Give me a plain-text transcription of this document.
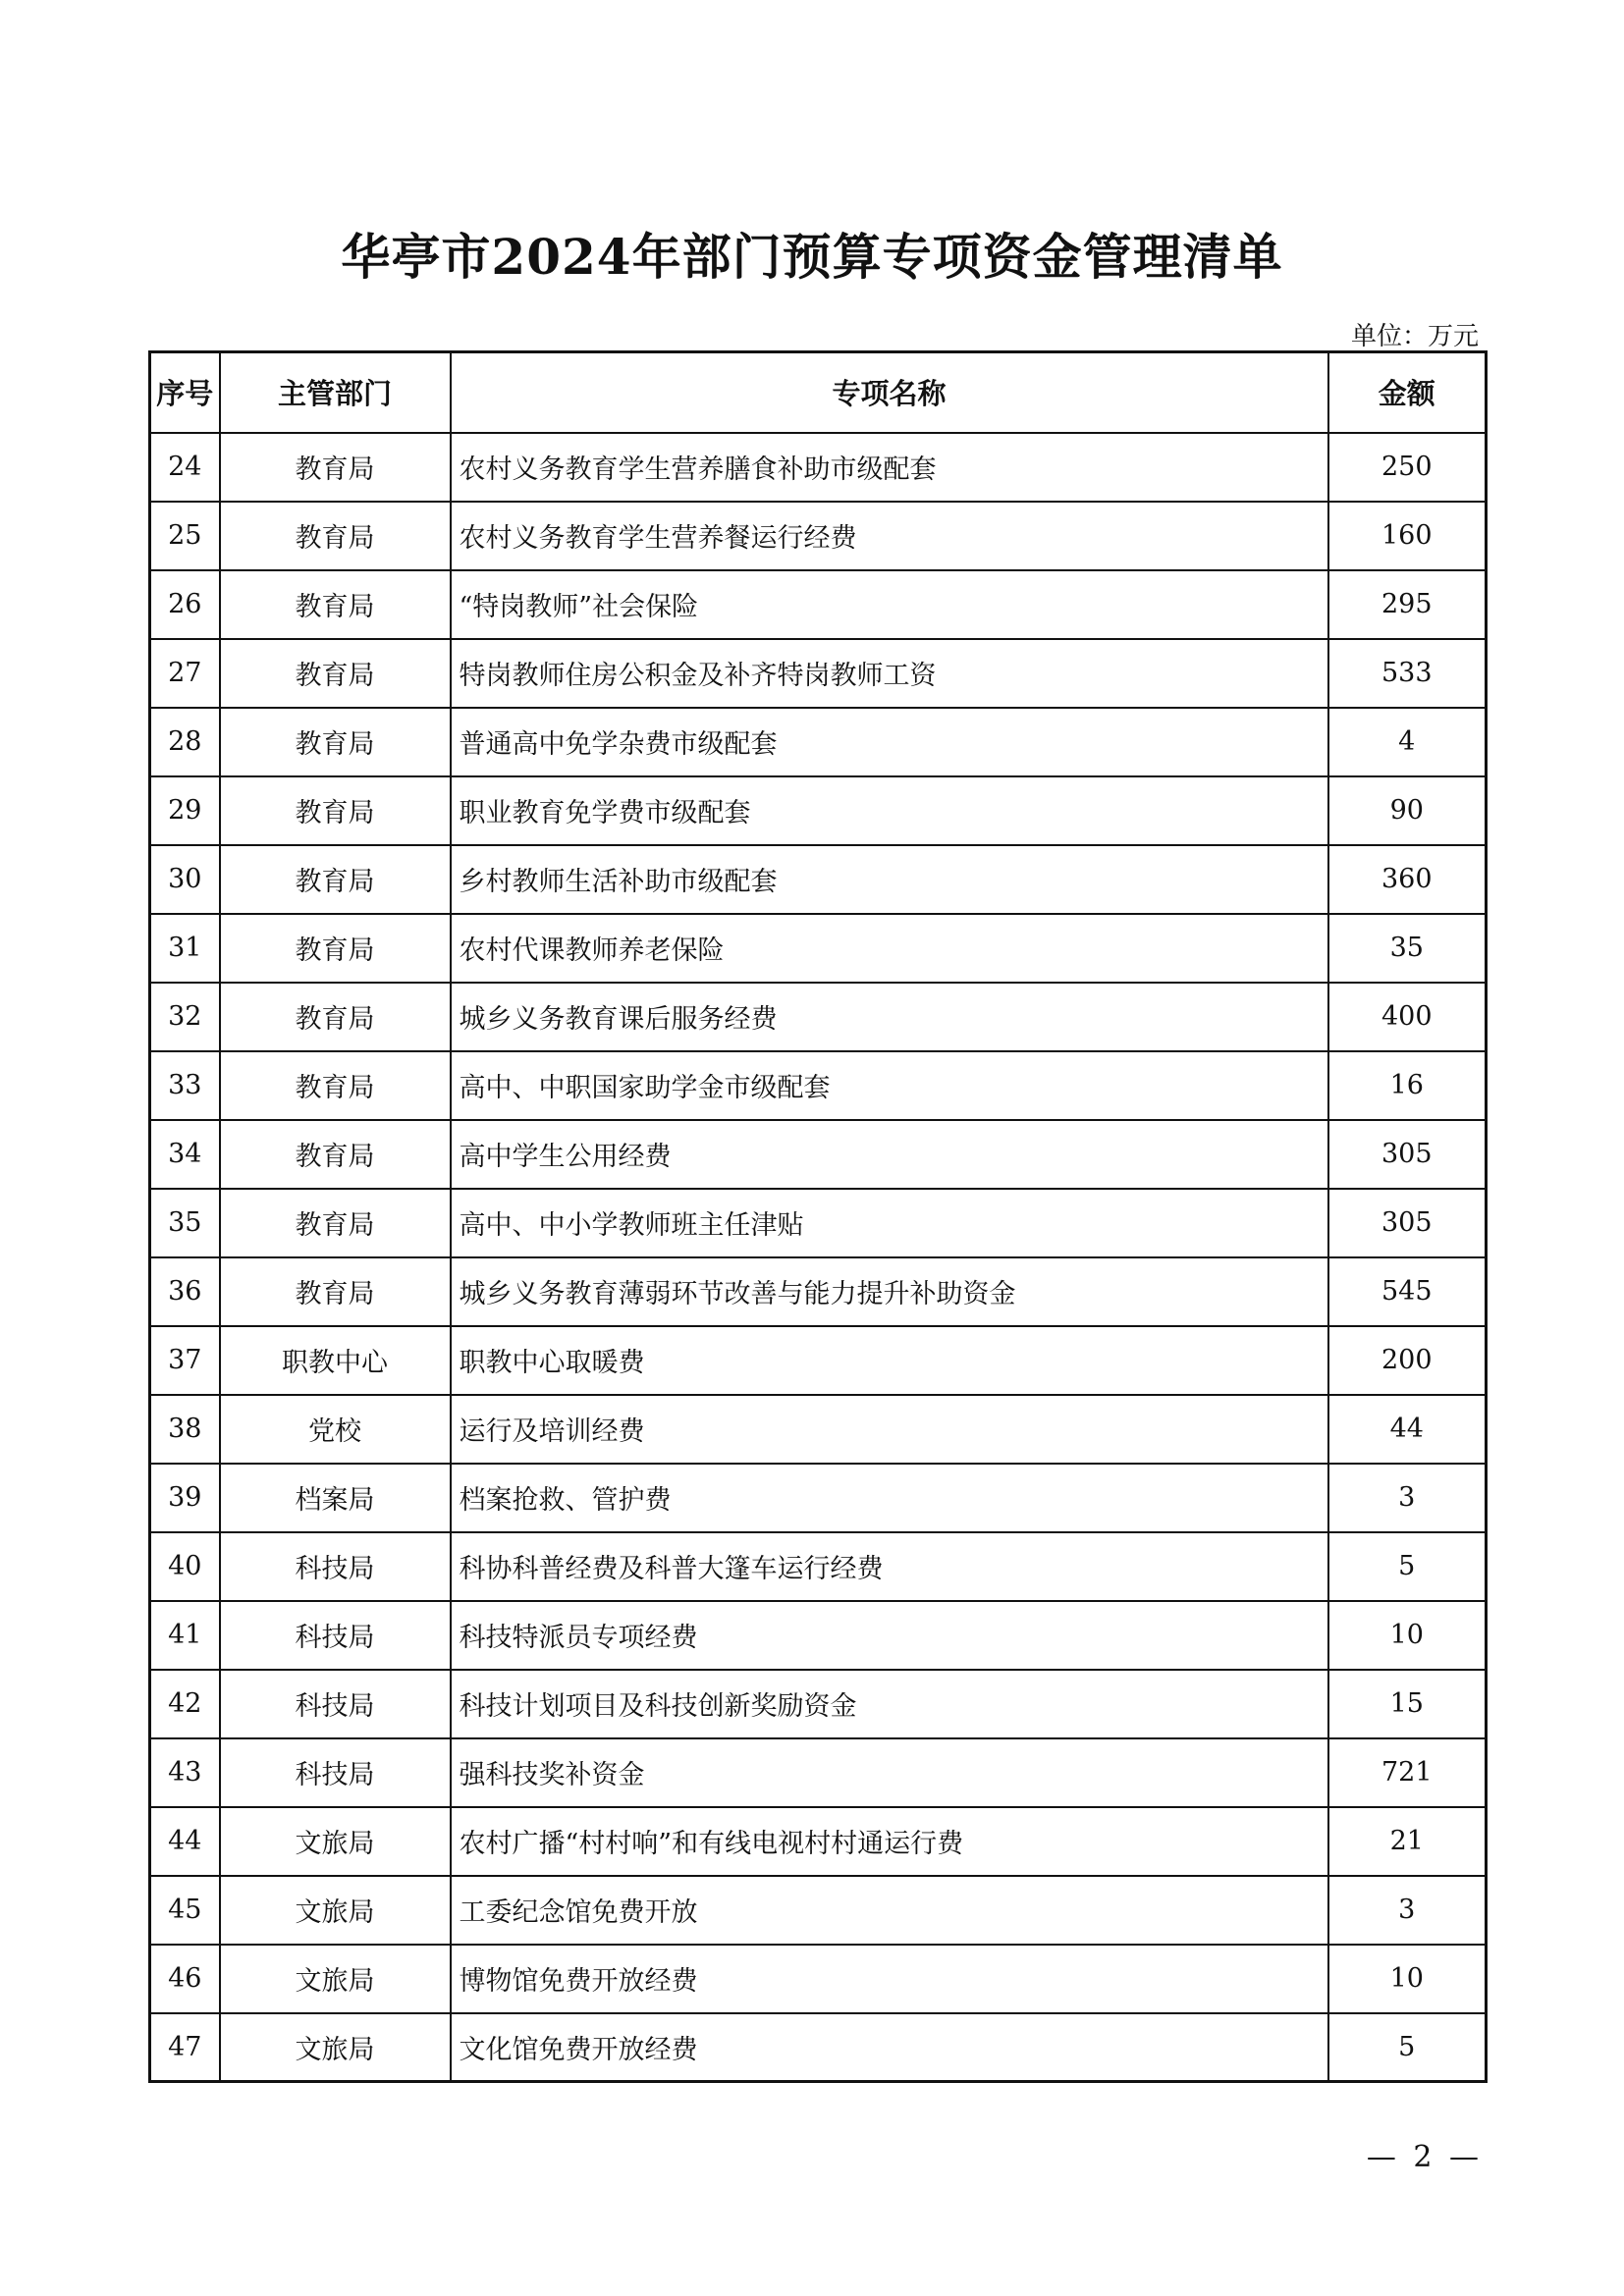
华亭市2024年部门预算专项资金管理清单
单位：万元
序号	主管部门	专项名称	金额
24	教育局	农村义务教育学生营养膳食补助市级配套	250
25	教育局	农村义务教育学生营养餐运行经费	160
26	教育局	“特岗教师”社会保险	295
27	教育局	特岗教师住房公积金及补齐特岗教师工资	533
28	教育局	普通高中免学杂费市级配套	4
29	教育局	职业教育免学费市级配套	90
30	教育局	乡村教师生活补助市级配套	360
31	教育局	农村代课教师养老保险	35
32	教育局	城乡义务教育课后服务经费	400
33	教育局	高中、中职国家助学金市级配套	16
34	教育局	高中学生公用经费	305
35	教育局	高中、中小学教师班主任津贴	305
36	教育局	城乡义务教育薄弱环节改善与能力提升补助资金	545
37	职教中心	职教中心取暖费	200
38	党校	运行及培训经费	44
39	档案局	档案抢救、管护费	3
40	科技局	科协科普经费及科普大篷车运行经费	5
41	科技局	科技特派员专项经费	10
42	科技局	科技计划项目及科技创新奖励资金	15
43	科技局	强科技奖补资金	721
44	文旅局	农村广播“村村响”和有线电视村村通运行费	21
45	文旅局	工委纪念馆免费开放	3
46	文旅局	博物馆免费开放经费	10
47	文旅局	文化馆免费开放经费	5
— 2 —
